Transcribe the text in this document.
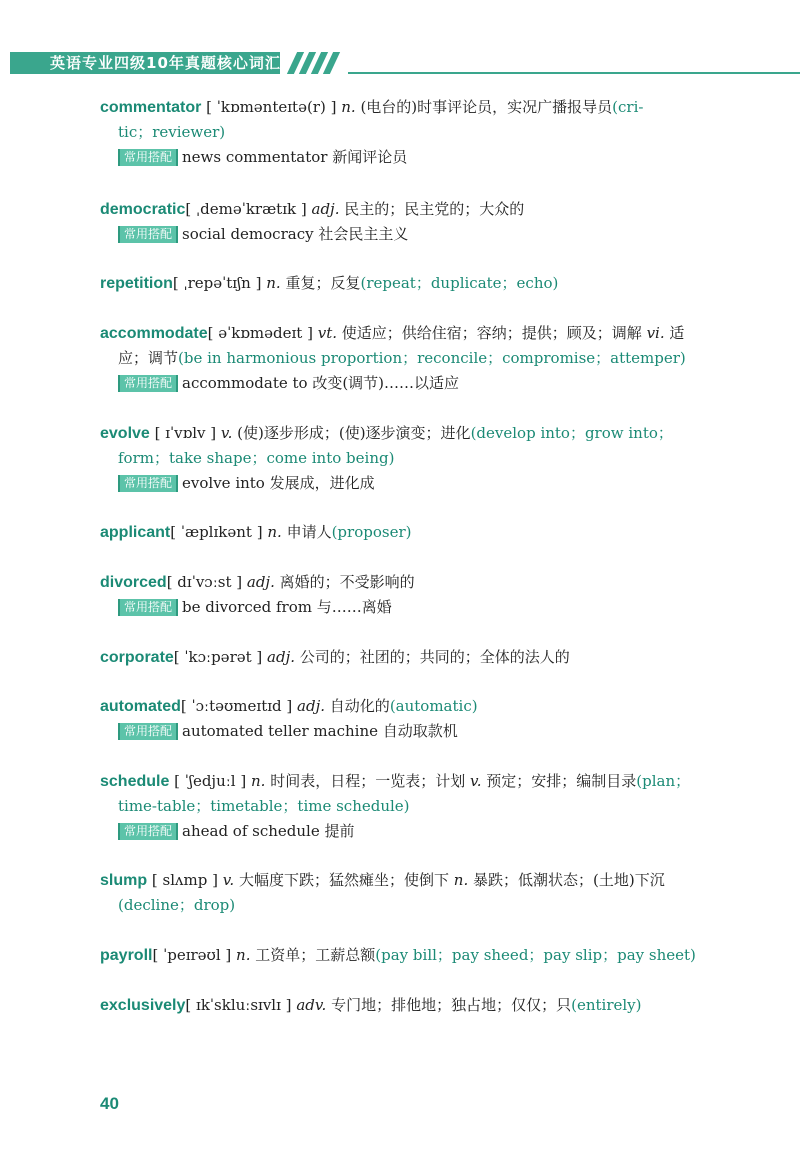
英语专业四级10年真题核心词汇
commentator [ ˈkɒmənteɪtə(r) ] n. (电台的)时事评论员，实况广播报导员(cri-
tic；reviewer)
常用搭配 news commentator 新闻评论员
democratic[ ˌdeməˈkrætɪk ] adj. 民主的；民主党的；大众的
常用搭配 social democracy 社会民主主义
repetition[ ˌrepəˈtɪʃn ] n. 重复；反复(repeat；duplicate；echo)
accommodate[ əˈkɒmədeɪt ] vt. 使适应；供给住宿；容纳；提供；顾及；调解 vi. 适
应；调节(be in harmonious proportion；reconcile；compromise；attemper)
常用搭配 accommodate to 改变(调节)……以适应
evolve [ ɪˈvɒlv ] v. (使)逐步形成；(使)逐步演变；进化(develop into；grow into；
form；take shape；come into being)
常用搭配 evolve into 发展成，进化成
applicant[ ˈæplɪkənt ] n. 申请人(proposer)
divorced[ dɪˈvɔːst ] adj. 离婚的；不受影响的
常用搭配 be divorced from 与……离婚
corporate[ ˈkɔːpərət ] adj. 公司的；社团的；共同的；全体的法人的
automated[ ˈɔːtəʊmeɪtɪd ] adj. 自动化的(automatic)
常用搭配 automated teller machine 自动取款机
schedule [ ˈʃedjuːl ] n. 时间表，日程；一览表；计划 v. 预定；安排；编制目录(plan；
time-table；timetable；time schedule)
常用搭配 ahead of schedule 提前
slump [ slʌmp ] v. 大幅度下跌；猛然瘫坐；使倒下 n. 暴跌；低潮状态；(土地)下沉
(decline；drop)
payroll[ ˈpeɪrəʊl ] n. 工资单；工薪总额(pay bill；pay sheed；pay slip；pay sheet)
exclusively[ ɪkˈskluːsɪvlɪ ] adv. 专门地；排他地；独占地；仅仅；只(entirely)
40
